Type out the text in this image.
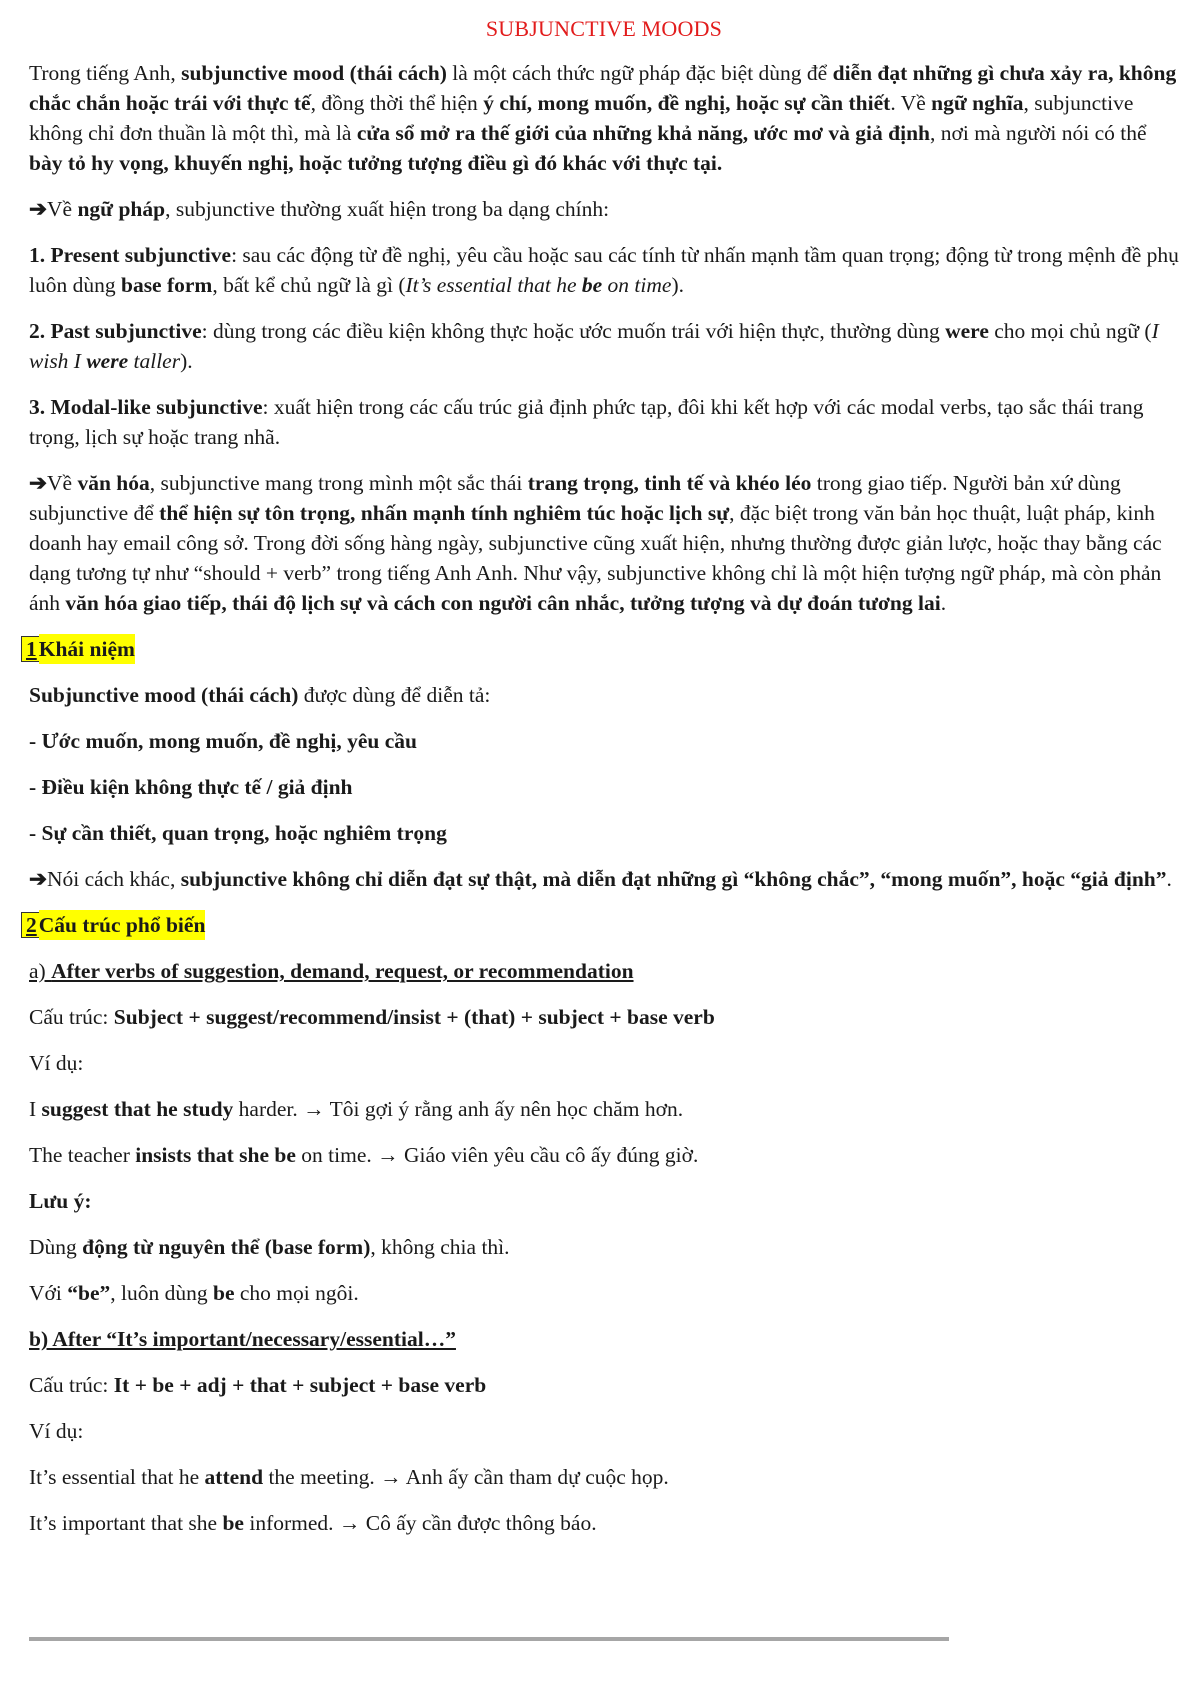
SUBJUNCTIVE MOODS

Trong tiếng Anh, subjunctive mood (thái cách) là một cách thức ngữ pháp đặc biệt dùng để diễn đạt những gì chưa xảy ra, không chắc chắn hoặc trái với thực tế, đồng thời thể hiện ý chí, mong muốn, đề nghị, hoặc sự cần thiết. Về ngữ nghĩa, subjunctive không chỉ đơn thuần là một thì, mà là cửa sổ mở ra thế giới của những khả năng, ước mơ và giả định, nơi mà người nói có thể bày tỏ hy vọng, khuyến nghị, hoặc tưởng tượng điều gì đó khác với thực tại.

➔Về ngữ pháp, subjunctive thường xuất hiện trong ba dạng chính:

1. Present subjunctive: sau các động từ đề nghị, yêu cầu hoặc sau các tính từ nhấn mạnh tầm quan trọng; động từ trong mệnh đề phụ luôn dùng base form, bất kể chủ ngữ là gì (It’s essential that he be on time).

2. Past subjunctive: dùng trong các điều kiện không thực hoặc ước muốn trái với hiện thực, thường dùng were cho mọi chủ ngữ (I wish I were taller).

3. Modal-like subjunctive: xuất hiện trong các cấu trúc giả định phức tạp, đôi khi kết hợp với các modal verbs, tạo sắc thái trang trọng, lịch sự hoặc trang nhã.

➔Về văn hóa, subjunctive mang trong mình một sắc thái trang trọng, tinh tế và khéo léo trong giao tiếp. Người bản xứ dùng subjunctive để thể hiện sự tôn trọng, nhấn mạnh tính nghiêm túc hoặc lịch sự, đặc biệt trong văn bản học thuật, luật pháp, kinh doanh hay email công sở. Trong đời sống hàng ngày, subjunctive cũng xuất hiện, nhưng thường được giản lược, hoặc thay bằng các dạng tương tự như “should + verb” trong tiếng Anh Anh. Như vậy, subjunctive không chỉ là một hiện tượng ngữ pháp, mà còn phản ánh văn hóa giao tiếp, thái độ lịch sự và cách con người cân nhắc, tưởng tượng và dự đoán tương lai.

1 Khái niệm

Subjunctive mood (thái cách) được dùng để diễn tả:

- Ước muốn, mong muốn, đề nghị, yêu cầu

- Điều kiện không thực tế / giả định

- Sự cần thiết, quan trọng, hoặc nghiêm trọng

➔Nói cách khác, subjunctive không chỉ diễn đạt sự thật, mà diễn đạt những gì “không chắc”, “mong muốn”, hoặc “giả định”.

2 Cấu trúc phổ biến

a) After verbs of suggestion, demand, request, or recommendation

Cấu trúc: Subject + suggest/recommend/insist + (that) + subject + base verb

Ví dụ:

I suggest that he study harder. → Tôi gợi ý rằng anh ấy nên học chăm hơn.

The teacher insists that she be on time. → Giáo viên yêu cầu cô ấy đúng giờ.

Lưu ý:

Dùng động từ nguyên thể (base form), không chia thì.

Với “be”, luôn dùng be cho mọi ngôi.

b) After “It’s important/necessary/essential…”

Cấu trúc: It + be + adj + that + subject + base verb

Ví dụ:

It’s essential that he attend the meeting. → Anh ấy cần tham dự cuộc họp.

It’s important that she be informed. → Cô ấy cần được thông báo.
